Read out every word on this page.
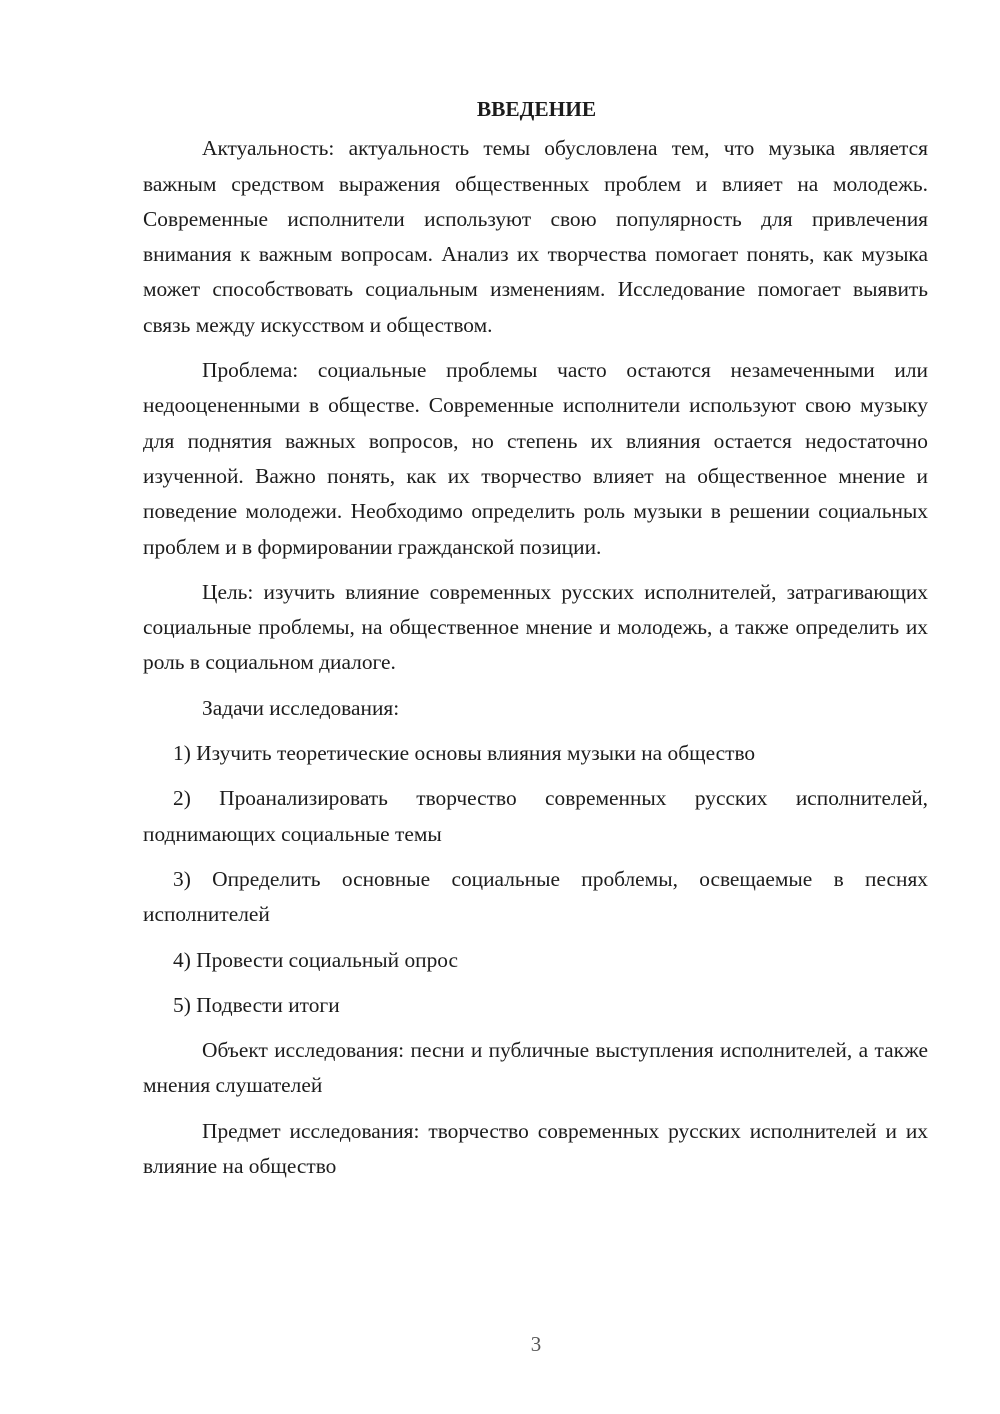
ВВЕДЕНИЕ

Актуальность: актуальность темы обусловлена тем, что музыка является важным средством выражения общественных проблем и влияет на молодежь. Современные исполнители используют свою популярность для привлечения внимания к важным вопросам. Анализ их творчества помогает понять, как музыка может способствовать социальным изменениям. Исследование помогает выявить связь между искусством и обществом.

Проблема: социальные проблемы часто остаются незамеченными или недооцененными в обществе. Современные исполнители используют свою музыку для поднятия важных вопросов, но степень их влияния остается недостаточно изученной. Важно понять, как их творчество влияет на общественное мнение и поведение молодежи. Необходимо определить роль музыки в решении социальных проблем и в формировании гражданской позиции.

Цель: изучить влияние современных русских исполнителей, затрагивающих социальные проблемы, на общественное мнение и молодежь, а также определить их роль в социальном диалоге.

Задачи исследования:

1) Изучить теоретические основы влияния музыки на общество

2) Проанализировать творчество современных русских исполнителей, поднимающих социальные темы

3) Определить основные социальные проблемы, освещаемые в песнях исполнителей

4) Провести социальный опрос

5) Подвести итоги

Объект исследования: песни и публичные выступления исполнителей, а также мнения слушателей

Предмет исследования: творчество современных русских исполнителей и их влияние на общество

3
